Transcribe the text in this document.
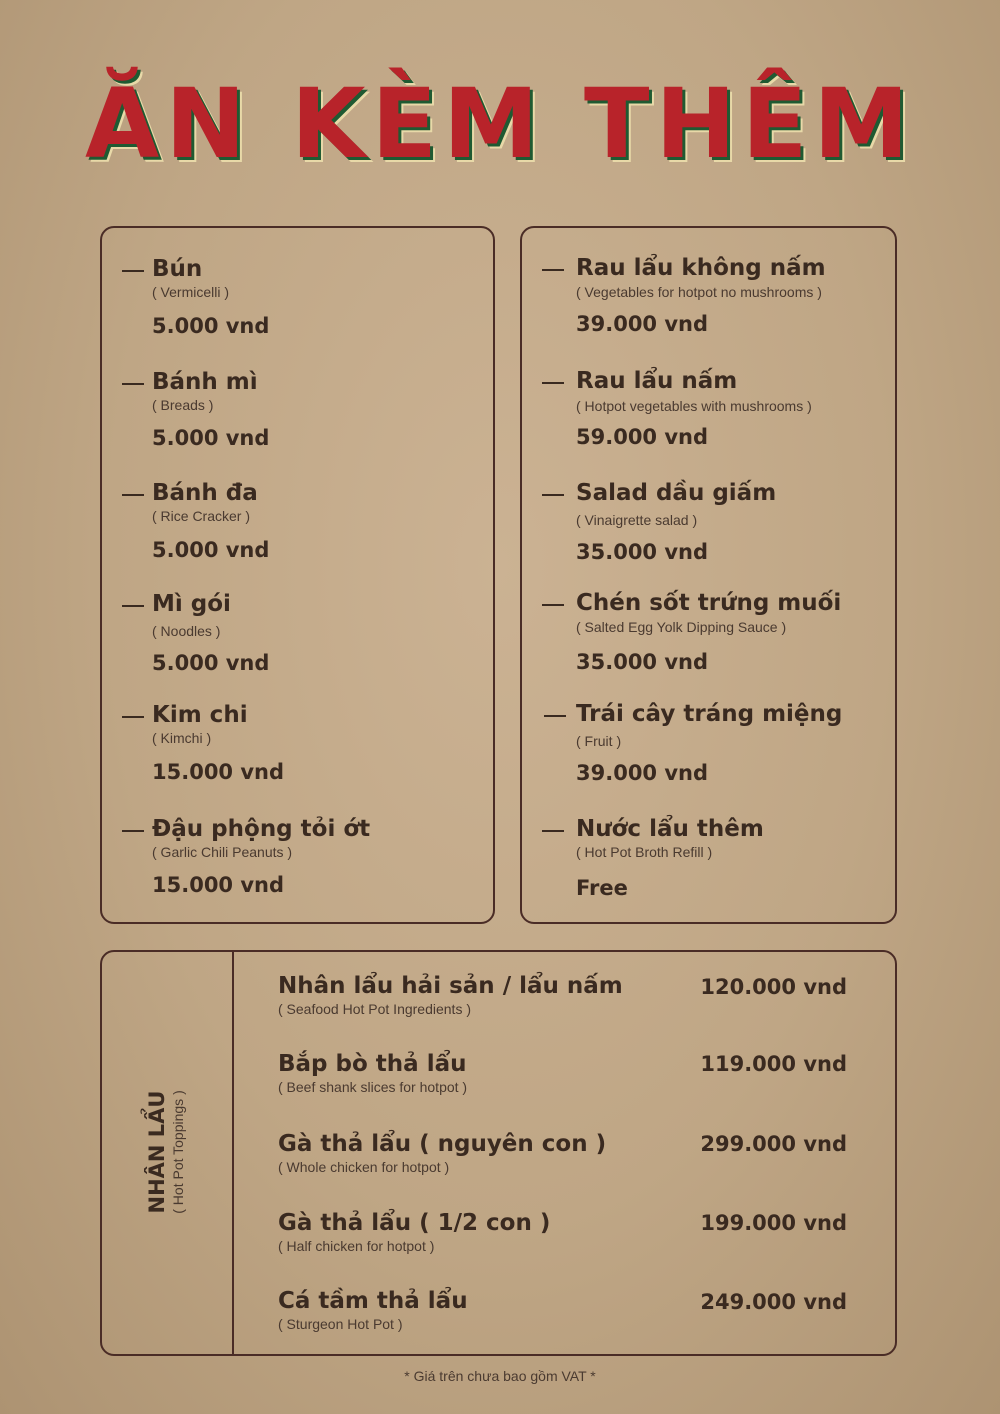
ĂN KÈM THÊM
Bún
( Vermicelli )
5.000 vnd
Bánh mì
( Breads )
5.000 vnd
Bánh đa
( Rice Cracker )
5.000 vnd
Mì gói
( Noodles )
5.000 vnd
Kim chi
( Kimchi )
15.000 vnd
Đậu phộng tỏi ớt
( Garlic Chili Peanuts )
15.000 vnd
Rau lẩu không nấm
( Vegetables for hotpot no mushrooms )
39.000 vnd
Rau lẩu nấm
( Hotpot vegetables with mushrooms )
59.000 vnd
Salad dầu giấm
( Vinaigrette salad )
35.000 vnd
Chén sốt trứng muối
( Salted Egg Yolk Dipping Sauce )
35.000 vnd
Trái cây tráng miệng
( Fruit )
39.000 vnd
Nước lẩu thêm
( Hot Pot Broth Refill )
Free
NHÂN LẨU ( Hot Pot Toppings )
Nhân lẩu hải sản / lẩu nấm
( Seafood Hot Pot Ingredients )
120.000 vnd
Bắp bò thả lẩu
( Beef shank slices for hotpot )
119.000 vnd
Gà thả lẩu ( nguyên con )
( Whole chicken for hotpot )
299.000 vnd
Gà thả lẩu ( 1/2 con )
( Half chicken for hotpot )
199.000 vnd
Cá tầm thả lẩu
( Sturgeon Hot Pot )
249.000 vnd
* Giá trên chưa bao gồm VAT *
